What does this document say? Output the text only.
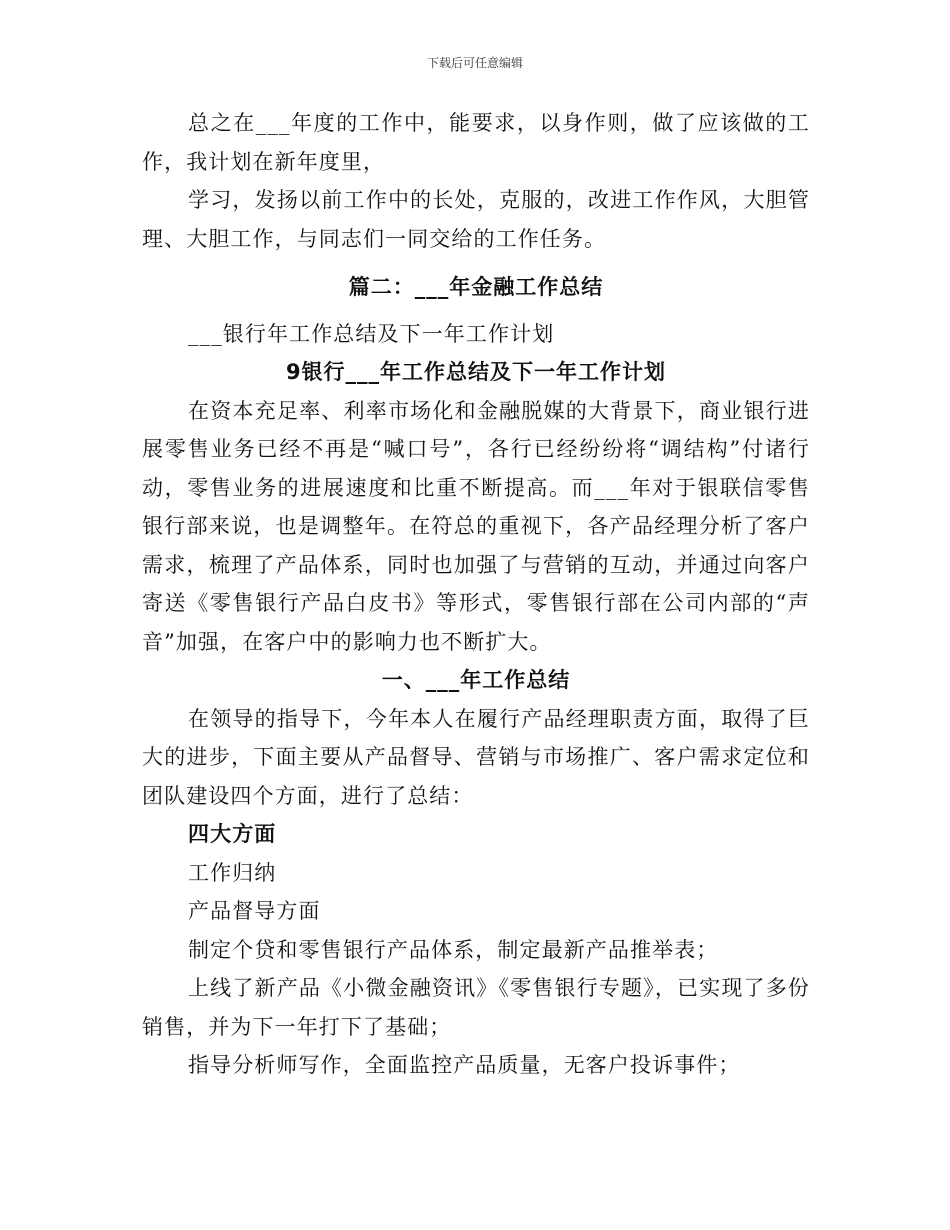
下载后可任意编辑

总之在___年度的工作中，能要求，以身作则，做了应该做的工作，我计划在新年度里，

学习，发扬以前工作中的长处，克服的，改进工作作风，大胆管理、大胆工作，与同志们一同交给的工作任务。

篇二：___年金融工作总结

___银行年工作总结及下一年工作计划

9银行___年工作总结及下一年工作计划

在资本充足率、利率市场化和金融脱媒的大背景下，商业银行进展零售业务已经不再是“喊口号”，各行已经纷纷将“调结构”付诸行动，零售业务的进展速度和比重不断提高。而___年对于银联信零售银行部来说，也是调整年。在符总的重视下，各产品经理分析了客户需求，梳理了产品体系，同时也加强了与营销的互动，并通过向客户寄送《零售银行产品白皮书》等形式，零售银行部在公司内部的“声音”加强，在客户中的影响力也不断扩大。

一、___年工作总结

在领导的指导下，今年本人在履行产品经理职责方面，取得了巨大的进步，下面主要从产品督导、营销与市场推广、客户需求定位和团队建设四个方面，进行了总结：

四大方面

工作归纳

产品督导方面

制定个贷和零售银行产品体系，制定最新产品推举表；

上线了新产品《小微金融资讯》《零售银行专题》，已实现了多份销售，并为下一年打下了基础；

指导分析师写作，全面监控产品质量，无客户投诉事件；
